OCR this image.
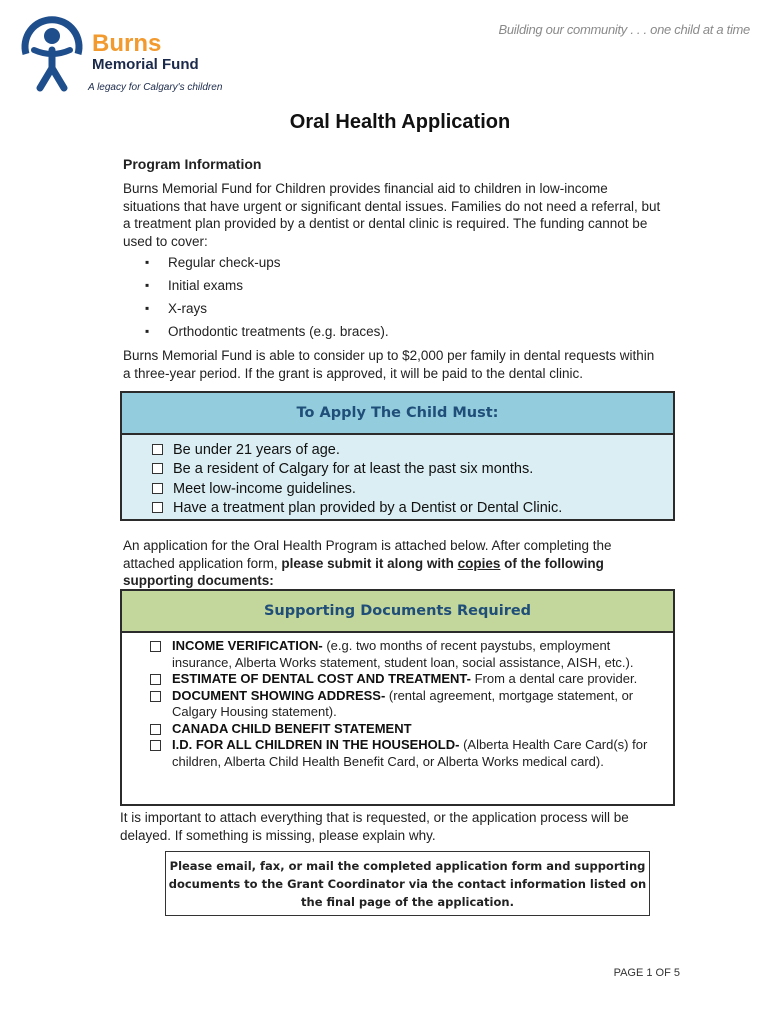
Burns
Memorial Fund
A legacy for Calgary's children
Building our community . . . one child at a time
Oral Health Application
Program Information
Burns Memorial Fund for Children provides financial aid to children in low-income situations that have urgent or significant dental issues. Families do not need a referral, but a treatment plan provided by a dentist or dental clinic is required. The funding cannot be used to cover:
▪ Regular check-ups
▪ Initial exams
▪ X-rays
▪ Orthodontic treatments (e.g. braces).
Burns Memorial Fund is able to consider up to $2,000 per family in dental requests within a three-year period. If the grant is approved, it will be paid to the dental clinic.
To Apply The Child Must:
Be under 21 years of age.
Be a resident of Calgary for at least the past six months.
Meet low-income guidelines.
Have a treatment plan provided by a Dentist or Dental Clinic.
An application for the Oral Health Program is attached below. After completing the attached application form, please submit it along with copies of the following supporting documents:
Supporting Documents Required
INCOME VERIFICATION- (e.g. two months of recent paystubs, employment insurance, Alberta Works statement, student loan, social assistance, AISH, etc.).
ESTIMATE OF DENTAL COST AND TREATMENT- From a dental care provider.
DOCUMENT SHOWING ADDRESS- (rental agreement, mortgage statement, or Calgary Housing statement).
CANADA CHILD BENEFIT STATEMENT
I.D. FOR ALL CHILDREN IN THE HOUSEHOLD- (Alberta Health Care Card(s) for children, Alberta Child Health Benefit Card, or Alberta Works medical card).
It is important to attach everything that is requested, or the application process will be delayed. If something is missing, please explain why.
Please email, fax, or mail the completed application form and supporting documents to the Grant Coordinator via the contact information listed on the final page of the application.
PAGE 1 OF 5
